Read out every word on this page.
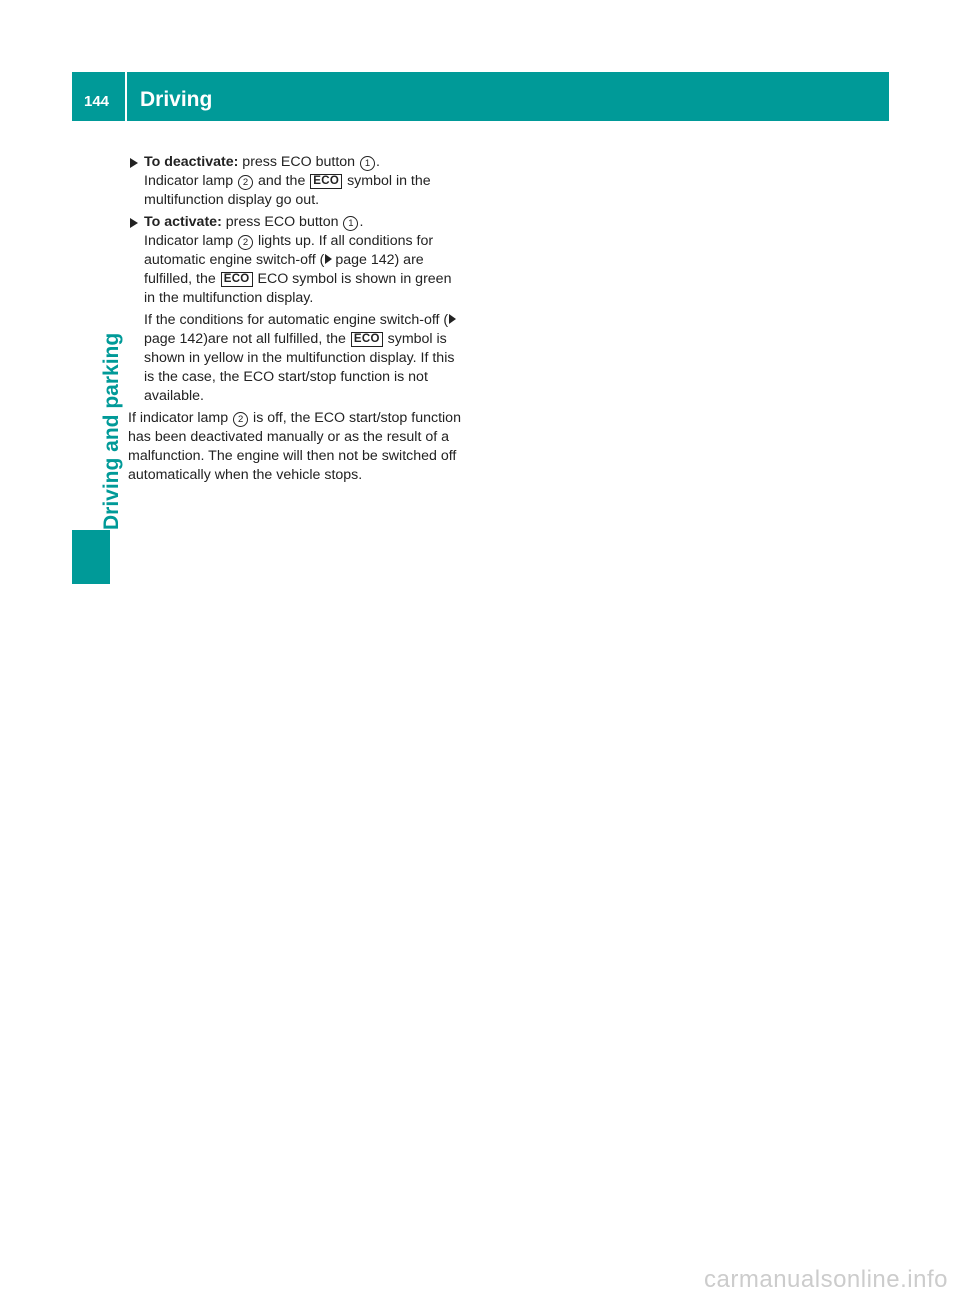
144 Driving
Driving and parking
To deactivate: press ECO button 1 .
Indicator lamp 2 and the ECO symbol in the multifunction display go out.
To activate: press ECO button 1 .
Indicator lamp 2 lights up. If all conditions for automatic engine switch-off ( page 142) are fulfilled, the ECO ECO symbol is shown in green in the multifunction display.
If the conditions for automatic engine switch-off (page 142)are not all fulfilled, the ECO symbol is shown in yellow in the multifunction display. If this is the case, the ECO start/stop function is not available.

If indicator lamp 2 is off, the ECO start/stop function has been deactivated manually or as the result of a malfunction. The engine will then not be switched off automatically when the vehicle stops.

carmanualsonline.info
